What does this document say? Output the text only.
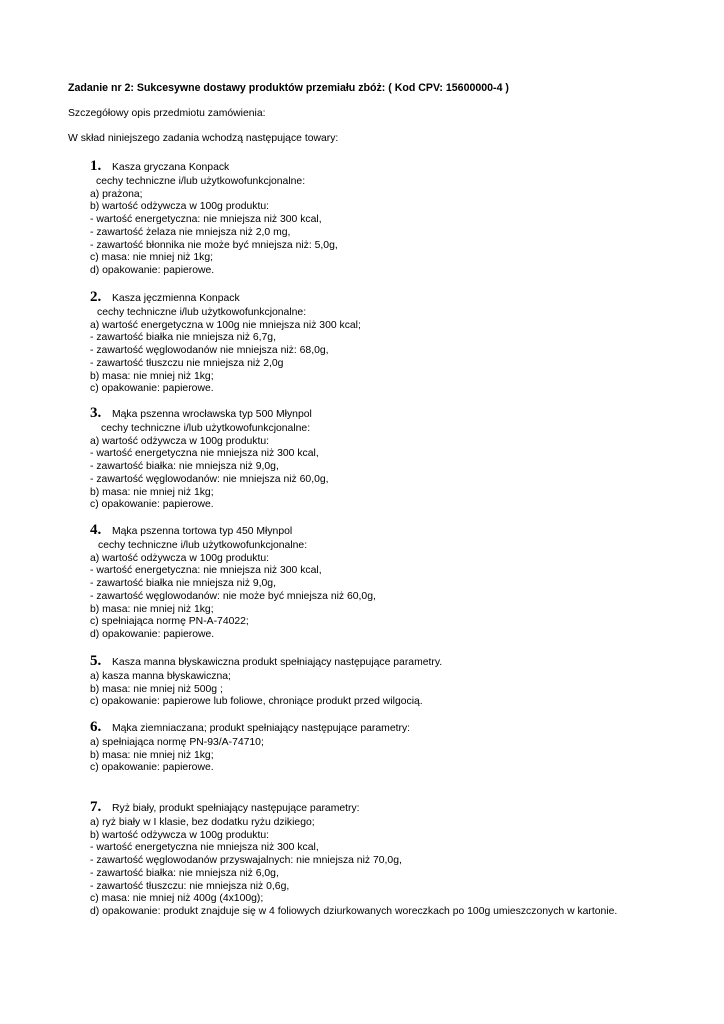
Zadanie nr 2: Sukcesywne dostawy produktów przemiału zbóż: ( Kod CPV: 15600000-4 )
Szczegółowy opis przedmiotu zamówienia:
W skład niniejszego zadania wchodzą następujące towary:
1. Kasza gryczana Konpack
cechy techniczne i/lub użytkowofunkcjonalne:
a) prażona;
b) wartość odżywcza w 100g produktu:
- wartość energetyczna: nie mniejsza niż 300 kcal,
- zawartość żelaza nie mniejsza niż 2,0 mg,
- zawartość błonnika nie może być mniejsza niż: 5,0g,
c) masa: nie mniej niż 1kg;
d) opakowanie: papierowe.
2. Kasza jęczmienna Konpack
cechy techniczne i/lub użytkowofunkcjonalne:
a) wartość energetyczna w 100g nie mniejsza niż 300 kcal;
- zawartość białka nie mniejsza niż 6,7g,
- zawartość węglowodanów nie mniejsza niż: 68,0g,
- zawartość tłuszczu nie mniejsza niż 2,0g
b) masa: nie mniej niż 1kg;
c) opakowanie: papierowe.
3. Mąka pszenna wrocławska typ 500 Młynpol
cechy techniczne i/lub użytkowofunkcjonalne:
a) wartość odżywcza w 100g produktu:
- wartość energetyczna nie mniejsza niż 300 kcal,
- zawartość białka: nie mniejsza niż 9,0g,
- zawartość węglowodanów: nie mniejsza niż 60,0g,
b) masa: nie mniej niż 1kg;
c) opakowanie: papierowe.
4. Mąka pszenna tortowa typ 450 Młynpol
cechy techniczne i/lub użytkowofunkcjonalne:
a) wartość odżywcza w 100g produktu:
- wartość energetyczna: nie mniejsza niż 300 kcal,
- zawartość białka nie mniejsza niż 9,0g,
- zawartość węglowodanów: nie może być mniejsza niż 60,0g,
b) masa: nie mniej niż 1kg;
c) spełniająca normę PN-A-74022;
d) opakowanie: papierowe.
5. Kasza manna błyskawiczna produkt spełniający następujące parametry.
a) kasza manna błyskawiczna;
b) masa: nie mniej niż 500g ;
c) opakowanie: papierowe lub foliowe, chroniące produkt przed wilgocią.
6. Mąka ziemniaczana; produkt spełniający następujące parametry:
a) spełniająca normę PN-93/A-74710;
b) masa: nie mniej niż 1kg;
c) opakowanie: papierowe.
7. Ryż biały, produkt spełniający następujące parametry:
a) ryż biały w I klasie, bez dodatku ryżu dzikiego;
b) wartość odżywcza w 100g produktu:
- wartość energetyczna nie mniejsza niż 300 kcal,
- zawartość węglowodanów przyswajalnych: nie mniejsza niż 70,0g,
- zawartość białka: nie mniejsza niż 6,0g,
- zawartość tłuszczu: nie mniejsza niż 0,6g,
c) masa: nie mniej niż 400g (4x100g);
d) opakowanie: produkt znajduje się w 4 foliowych dziurkowanych woreczkach po 100g umieszczonych w kartonie.
